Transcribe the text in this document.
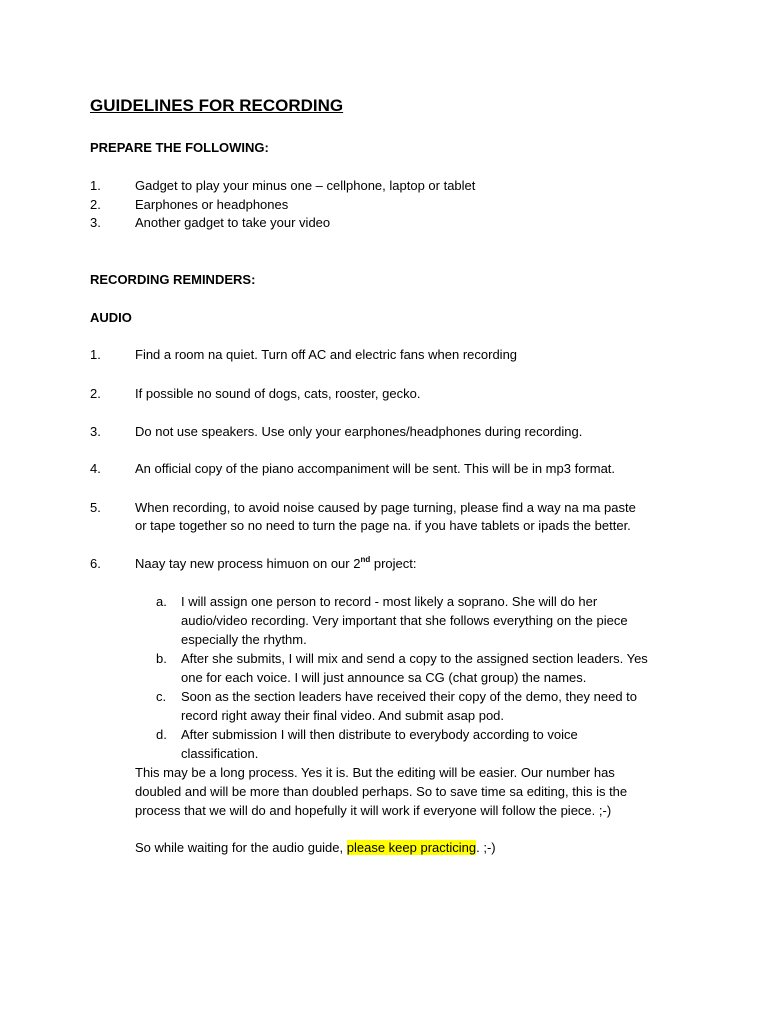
GUIDELINES FOR RECORDING
PREPARE THE FOLLOWING:
1.	Gadget to play your minus one – cellphone, laptop or tablet
2.	Earphones or headphones
3.	Another gadget to take your video
RECORDING REMINDERS:
AUDIO
1.	Find a room na quiet. Turn off AC and electric fans when recording
2.	If possible no sound of dogs, cats, rooster, gecko.
3.	Do not use speakers. Use only your earphones/headphones during recording.
4.	An official copy of the piano accompaniment will be sent. This will be in mp3 format.
5.	When recording, to avoid noise caused by page turning, please find a way na ma paste
or tape together so no need to turn the page na. if you have tablets or ipads the better.
6.	Naay tay new process himuon on our 2nd project:
a. I will assign one person to record - most likely a soprano. She will do her
audio/video recording. Very important that she follows everything on the piece
especially the rhythm.
b. After she submits, I will mix and send a copy to the assigned section leaders. Yes
one for each voice. I will just announce sa CG (chat group) the names.
c. Soon as the section leaders have received their copy of the demo, they need to
record right away their final video. And submit asap pod.
d. After submission I will then distribute to everybody according to voice
classification.
This may be a long process. Yes it is. But the editing will be easier. Our number has
doubled and will be more than doubled perhaps. So to save time sa editing, this is the
process that we will do and hopefully it will work if everyone will follow the piece. ;-)
So while waiting for the audio guide, please keep practicing. ;-)
